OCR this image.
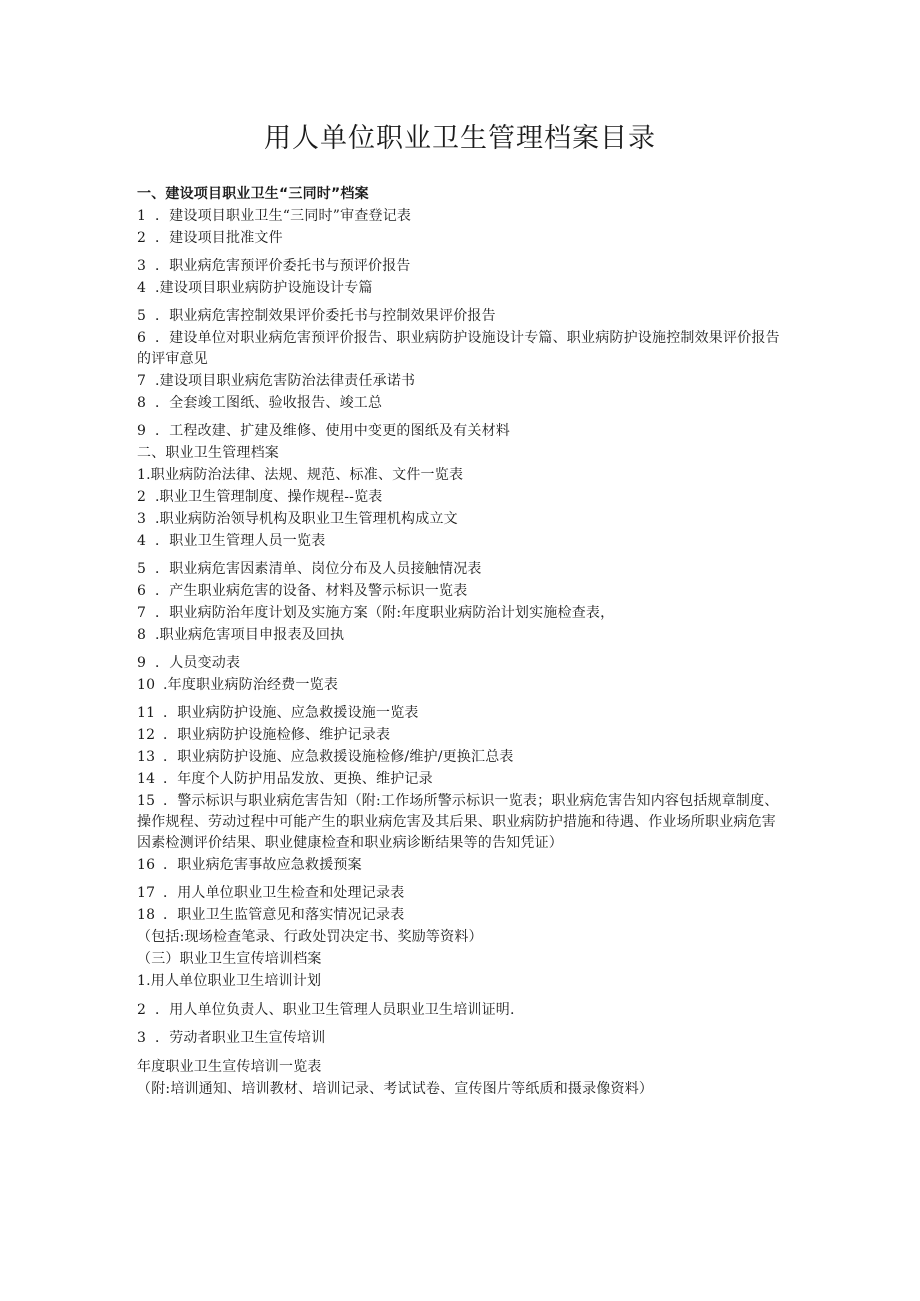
用人单位职业卫生管理档案目录
一、建设项目职业卫生“三同时”档案
1 ．建设项目职业卫生“三同时”审查登记表
2 ．建设项目批准文件
3 ．职业病危害预评价委托书与预评价报告
4 .建设项目职业病防护设施设计专篇
5 ．职业病危害控制效果评价委托书与控制效果评价报告
6 ．建设单位对职业病危害预评价报告、职业病防护设施设计专篇、职业病防护设施控制效果评价报告的评审意见
7 .建设项目职业病危害防治法律责任承诺书
8 ．全套竣工图纸、验收报告、竣工总
9 ．工程改建、扩建及维修、使用中变更的图纸及有关材料
二、职业卫生管理档案
1.职业病防治法律、法规、规范、标准、文件一览表
2 .职业卫生管理制度、操作规程--览表
3 .职业病防治领导机构及职业卫生管理机构成立文
4 ．职业卫生管理人员一览表
5 ．职业病危害因素清单、岗位分布及人员接触情况表
6 ．产生职业病危害的设备、材料及警示标识一览表
7 ．职业病防治年度计划及实施方案（附:年度职业病防治计划实施检查表，
8 .职业病危害项目申报表及回执
9 ．人员变动表
10 .年度职业病防治经费一览表
11 ．职业病防护设施、应急救援设施一览表
12 ．职业病防护设施检修、维护记录表
13 ．职业病防护设施、应急救援设施检修/维护/更换汇总表
14 ．年度个人防护用品发放、更换、维护记录
15 ．警示标识与职业病危害告知（附:工作场所警示标识一览表；职业病危害告知内容包括规章制度、操作规程、劳动过程中可能产生的职业病危害及其后果、职业病防护措施和待遇、作业场所职业病危害因素检测评价结果、职业健康检查和职业病诊断结果等的告知凭证）
16 ．职业病危害事故应急救援预案
17 ．用人单位职业卫生检查和处理记录表
18 ．职业卫生监管意见和落实情况记录表
（包括:现场检查笔录、行政处罚决定书、奖励等资料）
（三）职业卫生宣传培训档案
1.用人单位职业卫生培训计划
2 ．用人单位负责人、职业卫生管理人员职业卫生培训证明.
3 ．劳动者职业卫生宣传培训
年度职业卫生宣传培训一览表
（附:培训通知、培训教材、培训记录、考试试卷、宣传图片等纸质和摄录像资料）
